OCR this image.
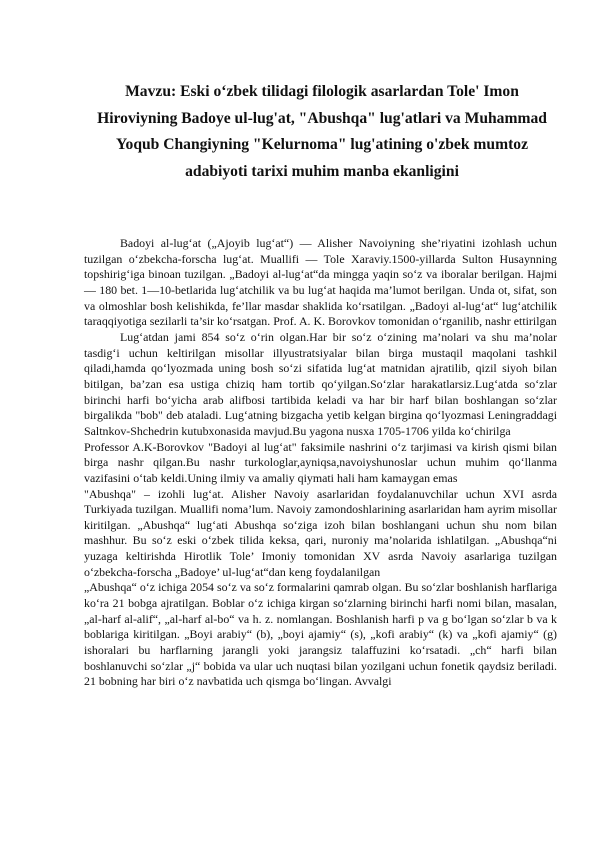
Mavzu: Eski o‘zbek tilidagi filologik asarlardan Tole' Imon Hiroviyning Badoye ul-lug'at, "Abushqa" lug'atlari va Muhammad Yoqub Changiyning "Kelurnoma" lug'atining o'zbek mumtoz adabiyoti tarixi muhim manba ekanligini

Badoyi al-lug‘at („Ajoyib lug‘at“) — Alisher Navoiyning she’riyatini izohlash uchun tuzilgan o‘zbekcha-forscha lug‘at. Muallifi — Tole Xaraviy.1500-yillarda Sulton Husaynning topshirig‘iga binoan tuzilgan. „Badoyi al-lug‘at“da mingga yaqin so‘z va iboralar berilgan. Hajmi — 180 bet. 1—10-betlarida lug‘atchilik va bu lug‘at haqida ma’lumot berilgan. Unda ot, sifat, son va olmoshlar bosh kelishikda, fe’llar masdar shaklida ko‘rsatilgan. „Badoyi al-lug‘at“ lug‘atchilik taraqqiyotiga sezilarli ta’sir ko‘rsatgan. Prof. A. K. Borovkov tomonidan o‘rganilib, nashr ettirilgan

Lug‘atdan jami 854 so‘z o‘rin olgan.Har bir so‘z o‘zining ma’nolari va shu ma’nolar tasdig‘i uchun keltirilgan misollar illyustratsiyalar bilan birga mustaqil maqolani tashkil qiladi,hamda qo‘lyozmada uning bosh so‘zi sifatida lug‘at matnidan ajratilib, qizil siyoh bilan bitilgan, ba’zan esa ustiga chiziq ham tortib qo‘yilgan.So‘zlar harakatlarsiz.Lug‘atda so‘zlar birinchi harfi bo‘yicha arab alifbosi tartibida keladi va har bir harf bilan boshlangan so‘zlar birgalikda "bob" deb ataladi. Lug‘atning bizgacha yetib kelgan birgina qo‘lyozmasi Leningraddagi Saltnkov-Shchedrin kutubxonasida mavjud.Bu yagona nusxa 1705-1706 yilda ko‘chirilga

Professor A.K-Borovkov "Badoyi al lug‘at" faksimile nashrini o‘z tarjimasi va kirish qismi bilan birga nashr qilgan.Bu nashr turkologlar,ayniqsa,navoiyshunoslar uchun muhim qo‘llanma vazifasini o‘tab keldi.Uning ilmiy va amaliy qiymati hali ham kamaygan emas

"Abushqa" – izohli lug‘at. Alisher Navoiy asarlaridan foydalanuvchilar uchun XVI asrda Turkiyada tuzilgan. Muallifi noma’lum. Navoiy zamondoshlarining asarlaridan ham ayrim misollar kiritilgan. „Abushqa“ lug‘ati Abushqa so‘ziga izoh bilan boshlangani uchun shu nom bilan mashhur. Bu so‘z eski o‘zbek tilida keksa, qari, nuroniy ma’nolarida ishlatilgan. „Abushqa“ni yuzaga keltirishda Hirotlik Tole’ Imoniy tomonidan XV asrda Navoiy asarlariga tuzilgan o‘zbekcha-forscha „Badoye’ ul-lug‘at“dan keng foydalanilgan

„Abushqa“ o‘z ichiga 2054 so‘z va so‘z formalarini qamrab olgan. Bu so‘zlar boshlanish harflariga ko‘ra 21 bobga ajratilgan. Boblar o‘z ichiga kirgan so‘zlarning birinchi harfi nomi bilan, masalan, „al-harf al-alif“, „al-harf al-bo“ va h. z. nomlangan. Boshlanish harfi p va g bo‘lgan so‘zlar b va k boblariga kiritilgan. „Boyi arabiy“ (b), „boyi ajamiy“ (s), „kofi arabiy“ (k) va „kofi ajamiy“ (g) ishoralari bu harflarning jarangli yoki jarangsiz talaffuzini ko‘rsatadi. „ch“ harfi bilan boshlanuvchi so‘zlar „j“ bobida va ular uch nuqtasi bilan yozilgani uchun fonetik qaydsiz beriladi. 21 bobning har biri o‘z navbatida uch qismga bo‘lingan. Avvalgi
